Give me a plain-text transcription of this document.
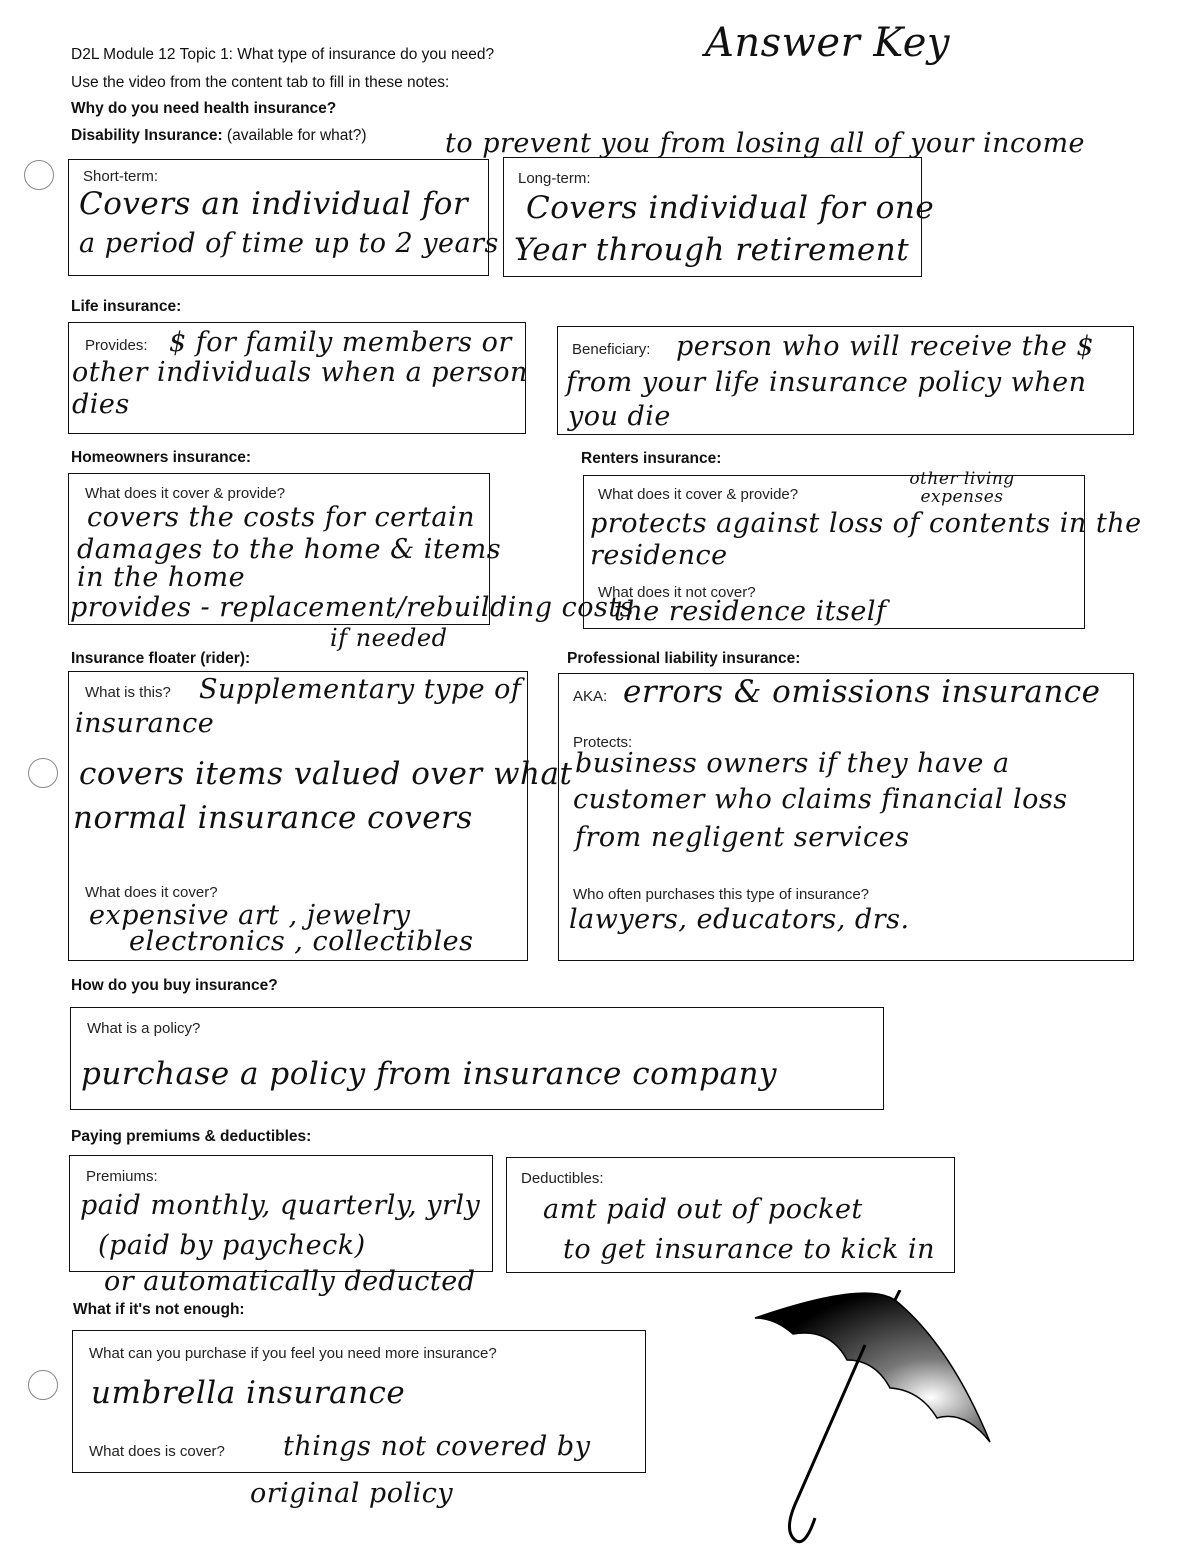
D2L Module 12 Topic 1: What type of insurance do you need?
Use the video from the content tab to fill in these notes:
Answer Key
Why do you need health insurance?
Disability Insurance: (available for what?)	to prevent you from losing all of your income
Short-term:
Covers an individual for
a period of time up to 2 years
Long-term:
Covers individual for one
Year through retirement
Life insurance:
Provides: $ for family members or
other individuals when a person
dies
Beneficiary: person who will receive the $
from your life insurance policy when
you die
Homeowners insurance:
What does it cover & provide?
covers the costs for certain
damages to the home & items
in the home
provides - replacement/rebuilding costs
if needed
Renters insurance:
What does it cover & provide?
other living expenses
protects against loss of contents in the
residence
What does it not cover?
the residence itself
Insurance floater (rider):
What is this? Supplementary type of
insurance
covers items valued over what
normal insurance covers
What does it cover?
expensive art , jewelry
electronics , collectibles
Professional liability insurance:
AKA: errors & omissions insurance
Protects:
business owners if they have a
customer who claims financial loss
from negligent services
Who often purchases this type of insurance?
lawyers, educators, drs.
How do you buy insurance?
What is a policy?
purchase a policy from insurance company
Paying premiums & deductibles:
Premiums:
paid monthly, quarterly, yrly
(paid by paycheck)
or automatically deducted
Deductibles:
amt paid out of pocket
to get insurance to kick in
What if it's not enough:
What can you purchase if you feel you need more insurance?
umbrella insurance
What does is cover? things not covered by
original policy
